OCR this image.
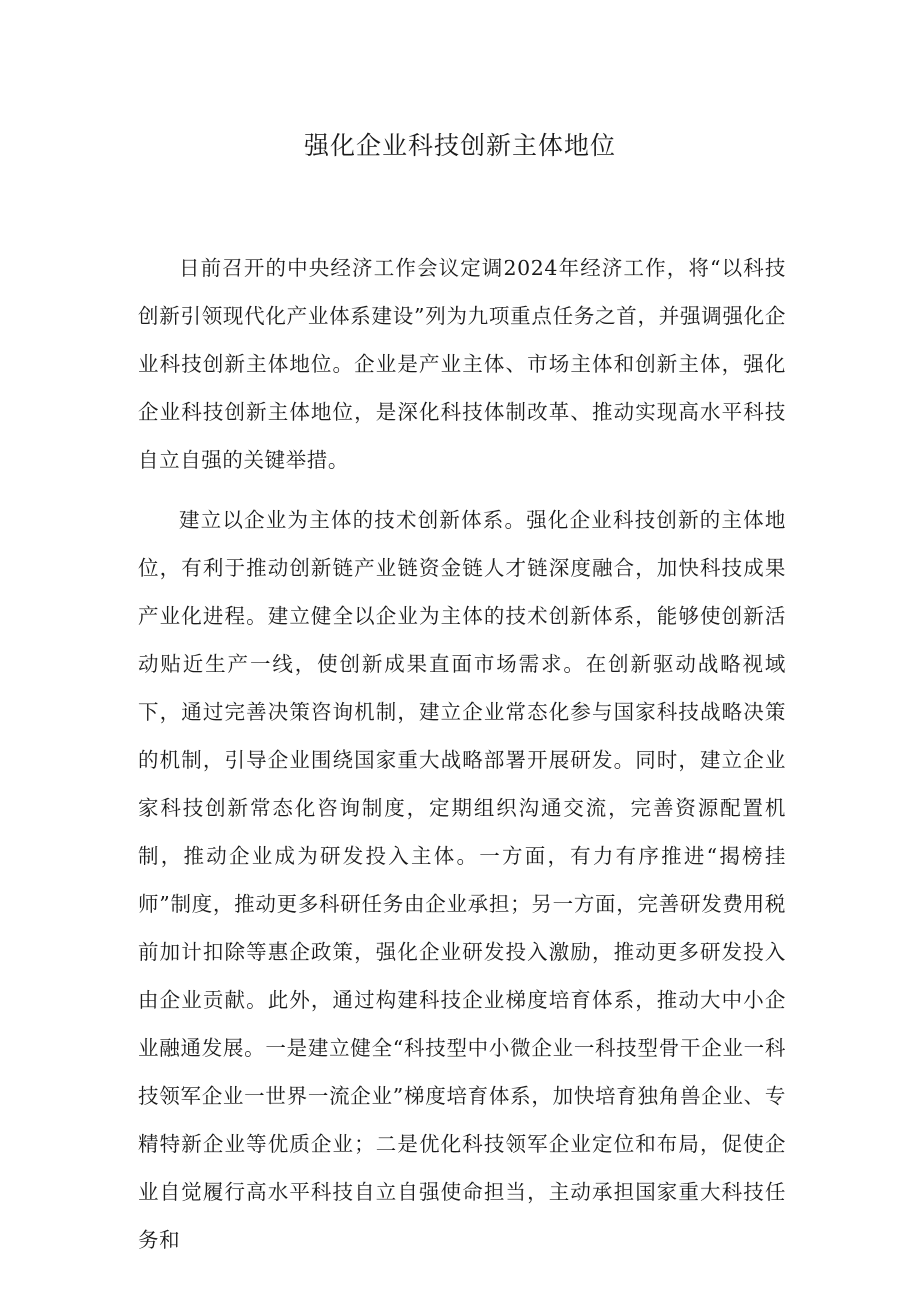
强化企业科技创新主体地位

日前召开的中央经济工作会议定调2024年经济工作，将“以科技创新引领现代化产业体系建设”列为九项重点任务之首，并强调强化企业科技创新主体地位。企业是产业主体、市场主体和创新主体，强化企业科技创新主体地位，是深化科技体制改革、推动实现高水平科技自立自强的关键举措。

建立以企业为主体的技术创新体系。强化企业科技创新的主体地位，有利于推动创新链产业链资金链人才链深度融合，加快科技成果产业化进程。建立健全以企业为主体的技术创新体系，能够使创新活动贴近生产一线，使创新成果直面市场需求。在创新驱动战略视域下，通过完善决策咨询机制，建立企业常态化参与国家科技战略决策的机制，引导企业围绕国家重大战略部署开展研发。同时，建立企业家科技创新常态化咨询制度，定期组织沟通交流，完善资源配置机制，推动企业成为研发投入主体。一方面，有力有序推进“揭榜挂师”制度，推动更多科研任务由企业承担；另一方面，完善研发费用税前加计扣除等惠企政策，强化企业研发投入激励，推动更多研发投入由企业贡献。此外，通过构建科技企业梯度培育体系，推动大中小企业融通发展。一是建立健全“科技型中小微企业一科技型骨干企业一科技领军企业一世界一流企业”梯度培育体系，加快培育独角兽企业、专精特新企业等优质企业；二是优化科技领军企业定位和布局，促使企业自觉履行高水平科技自立自强使命担当，主动承担国家重大科技任务和
